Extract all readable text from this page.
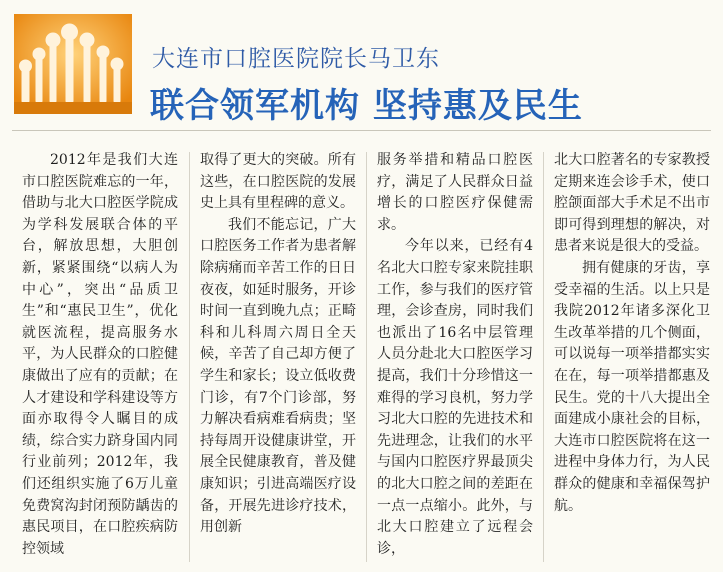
大连市口腔医院院长马卫东
联合领军机构 坚持惠及民生

2012年是我们大连市口腔医院难忘的一年，借助与北大口腔医学院成为学科发展联合体的平台，解放思想，大胆创新，紧紧围绕“以病人为中心”，突出“品质卫生”和“惠民卫生”，优化就医流程，提高服务水平，为人民群众的口腔健康做出了应有的贡献；在人才建设和学科建设等方面亦取得令人瞩目的成绩，综合实力跻身国内同行业前列；2012年，我们还组织实施了6万儿童免费窝沟封闭预防龋齿的惠民项目，在口腔疾病防控领域

取得了更大的突破。所有这些，在口腔医院的发展史上具有里程碑的意义。

我们不能忘记，广大口腔医务工作者为患者解除病痛而辛苦工作的日日夜夜，如延时服务，开诊时间一直到晚九点；正畸科和儿科周六周日全天候，辛苦了自己却方便了学生和家长；设立低收费门诊，有7个门诊部，努力解决看病难看病贵；坚持每周开设健康讲堂，开展全民健康教育，普及健康知识；引进高端医疗设备，开展先进诊疗技术，用创新

服务举措和精品口腔医疗，满足了人民群众日益增长的口腔医疗保健需求。

今年以来，已经有4名北大口腔专家来院挂职工作，参与我们的医疗管理，会诊查房，同时我们也派出了16名中层管理人员分赴北大口腔医学习提高，我们十分珍惜这一难得的学习良机，努力学习北大口腔的先进技术和先进理念，让我们的水平与国内口腔医疗界最顶尖的北大口腔之间的差距在一点一点缩小。此外，与北大口腔建立了远程会诊，

北大口腔著名的专家教授定期来连会诊手术，使口腔颌面部大手术足不出市即可得到理想的解决，对患者来说是很大的受益。

拥有健康的牙齿，享受幸福的生活。以上只是我院2012年诸多深化卫生改革举措的几个侧面，可以说每一项举措都实实在在，每一项举措都惠及民生。党的十八大提出全面建成小康社会的目标，大连市口腔医院将在这一进程中身体力行，为人民群众的健康和幸福保驾护航。
